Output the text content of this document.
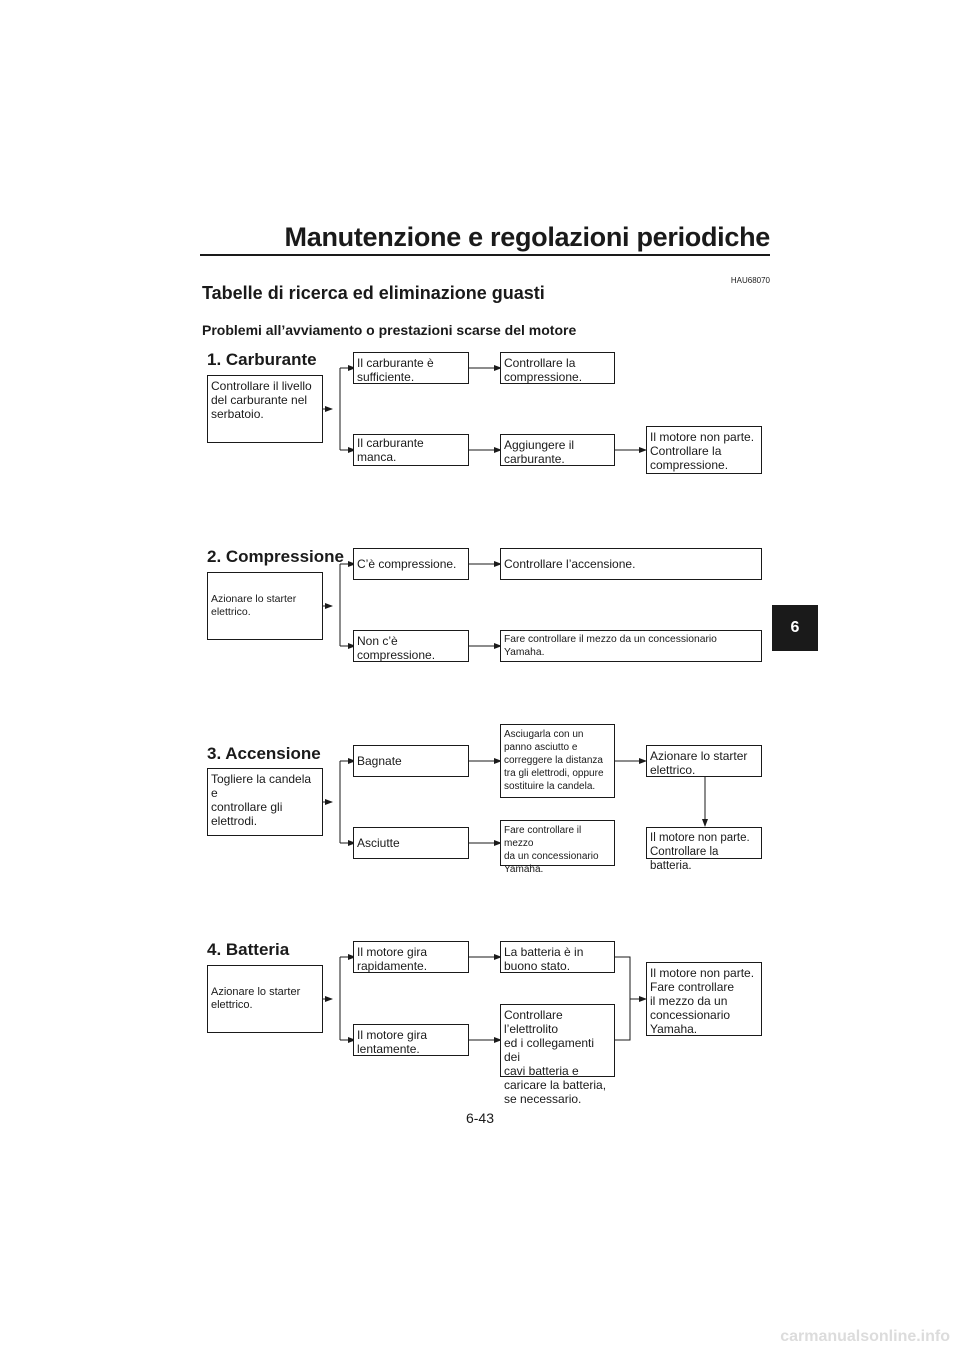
Manutenzione e regolazioni periodiche
HAU68070
Tabelle di ricerca ed eliminazione guasti
Problemi all’avviamento o prestazioni scarse del motore
6
1. Carburante
Controllare il livello
del carburante nel
serbatoio.
Il carburante è
sufficiente.
Controllare la
compressione.
Il carburante manca.
Aggiungere il
carburante.
Il motore non parte.
Controllare la
compressione.
2. Compressione
Azionare lo starter
elettrico.
C’è compressione.	Controllare l’accensione.
Non c’è
compressione.
Fare controllare il mezzo da un concessionario Yamaha.
3. Accensione
Togliere la candela e
controllare gli
elettrodi.
Bagnate
Asciugarla con un
panno asciutto e
correggere la distanza
tra gli elettrodi, oppure
sostituire la candela.
Azionare lo starter
elettrico.
Asciutte
Fare controllare il mezzo
da un concessionario
Yamaha.
Il motore non parte.
Controllare la batteria.
4. Batteria
Azionare lo starter
elettrico.
Il motore gira
rapidamente.
La batteria è in
buono stato.
Il motore gira
lentamente.
Controllare l’elettrolito
ed i collegamenti dei
cavi batteria e
caricare la batteria,
se necessario.
Il motore non parte.
Fare controllare
il mezzo da un
concessionario
Yamaha.
6-43
carmanualsonline.info
